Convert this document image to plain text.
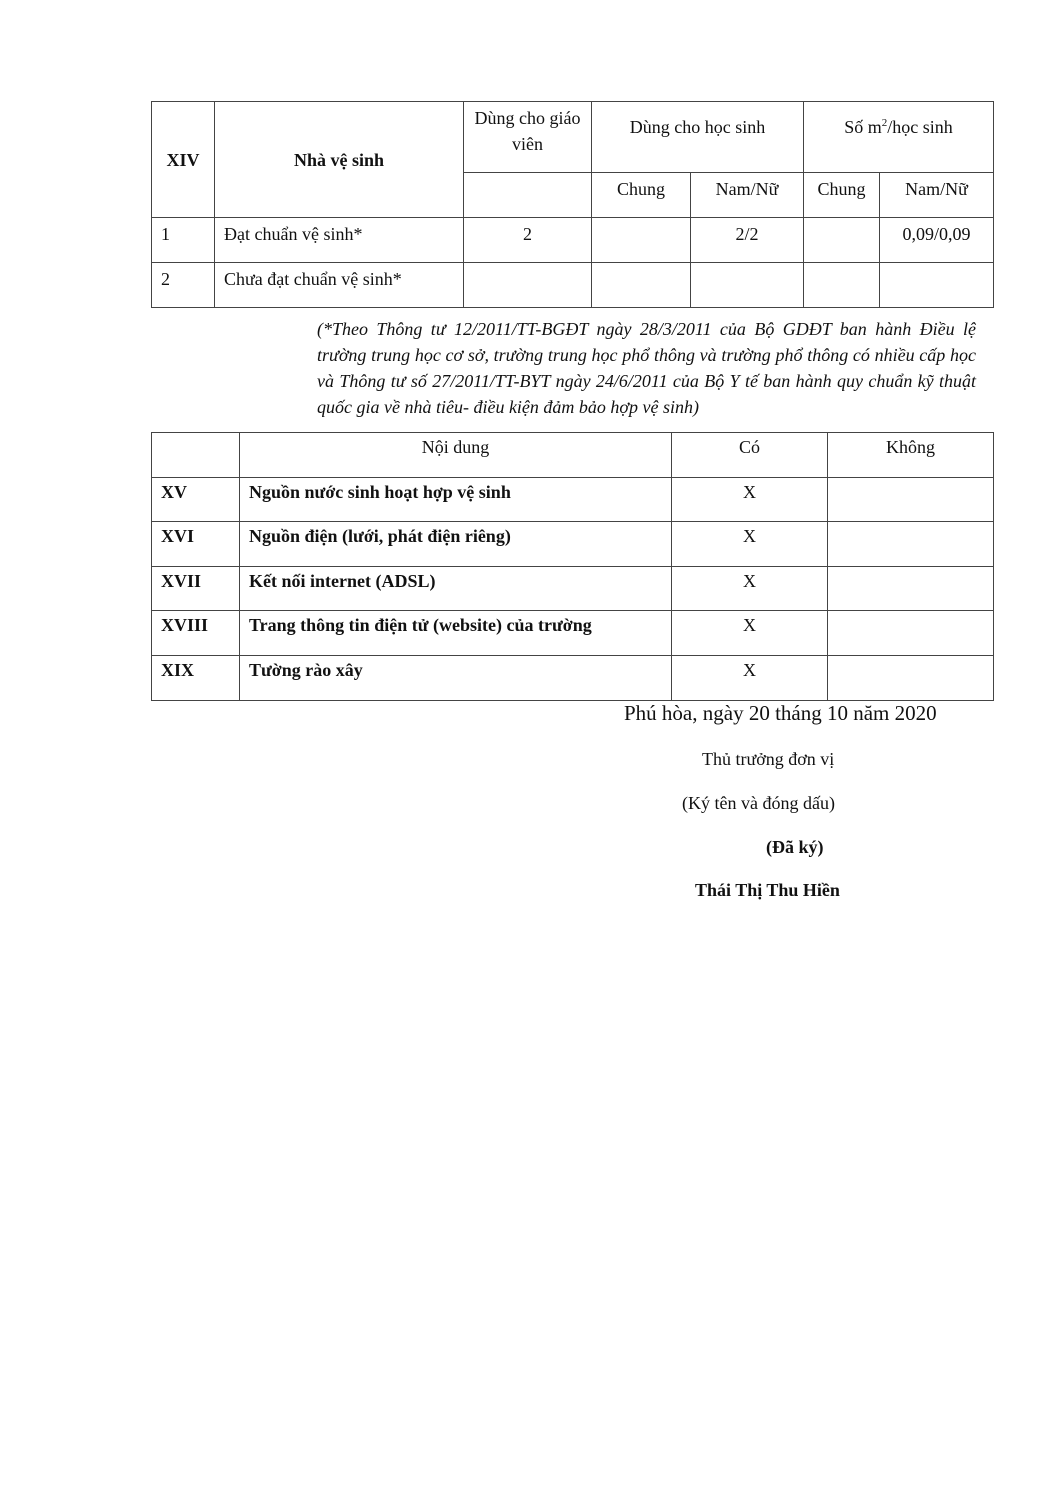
XIV	Nhà vệ sinh	Dùng cho giáo viên	Dùng cho học sinh		Số $m^2$/học sinh	
			Chung	Nam/Nữ	Chung	Nam/Nữ
1	Đạt chuẩn vệ sinh*	2		2/2		0,09/0,09
2	Chưa đạt chuẩn vệ sinh*					
(*Theo Thông tư 12/2011/TT-BGĐT ngày 28/3/2011 của Bộ GDĐT ban hành Điều lệ trường trung học cơ sở, trường trung học phổ thông và trường phổ thông có nhiều cấp học và Thông tư số 27/2011/TT-BYT ngày 24/6/2011 của Bộ Y tế ban hành quy chuẩn kỹ thuật quốc gia về nhà tiêu- điều kiện đảm bảo hợp vệ sinh)
	Nội dung	Có	Không
XV	Nguồn nước sinh hoạt hợp vệ sinh	X	
XVI	Nguồn điện (lưới, phát điện riêng)	X	
XVII	Kết nối internet (ADSL)	X	
XVIII	Trang thông tin điện tử (website) của trường	X	
XIX	Tường rào xây	X	
Phú hòa, ngày 20 tháng 10 năm 2020
Thủ trưởng đơn vị
(Ký tên và đóng dấu)
(Đã ký)
Thái Thị Thu Hiền
